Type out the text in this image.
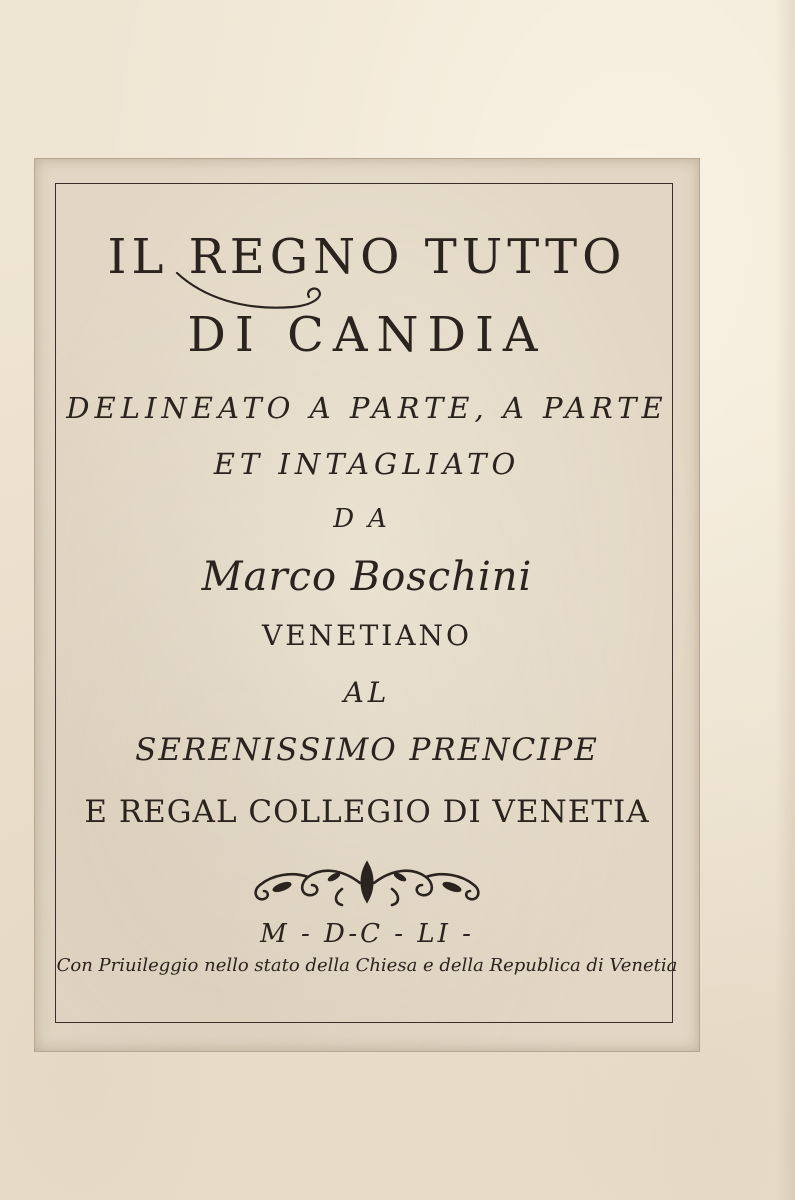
IL REGNO TUTTO
DI CANDIA
DELINEATO A PARTE, A PARTE
ET INTAGLIATO
DA
Marco Boschini
VENETIANO
AL
SERENISSIMO PRENCIPE
E REGAL COLLEGIO DI VENETIA
M - D-C - LI -
Con Priuileggio nello stato della Chiesa e della Republica di Venetia
